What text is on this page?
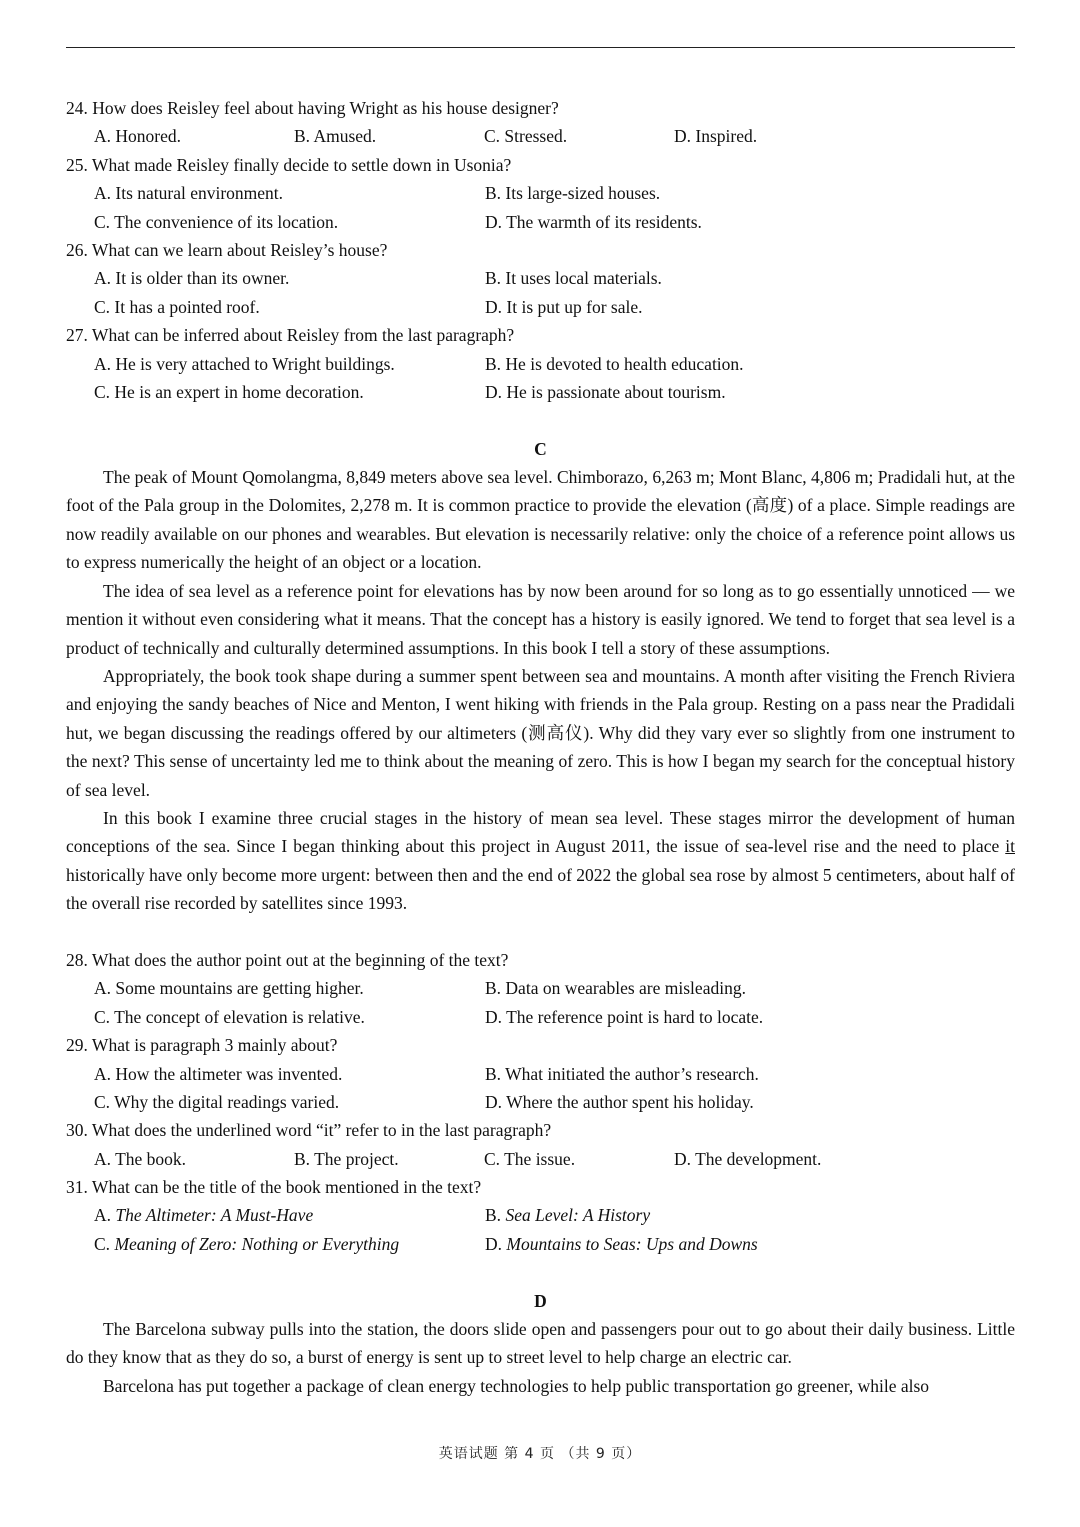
24. How does Reisley feel about having Wright as his house designer?
A. Honored.	B. Amused.	C. Stressed.	D. Inspired.
25. What made Reisley finally decide to settle down in Usonia?
A. Its natural environment.	B. Its large-sized houses.
C. The convenience of its location.	D. The warmth of its residents.
26. What can we learn about Reisley’s house?
A. It is older than its owner.	B. It uses local materials.
C. It has a pointed roof.	D. It is put up for sale.
27. What can be inferred about Reisley from the last paragraph?
A. He is very attached to Wright buildings.	B. He is devoted to health education.
C. He is an expert in home decoration.	D. He is passionate about tourism.
C

The peak of Mount Qomolangma, 8,849 meters above sea level. Chimborazo, 6,263 m; Mont Blanc, 4,806 m; Pradidali hut, at the foot of the Pala group in the Dolomites, 2,278 m. It is common practice to provide the elevation (高度) of a place. Simple readings are now readily available on our phones and wearables. But elevation is necessarily relative: only the choice of a reference point allows us to express numerically the height of an object or a location.

The idea of sea level as a reference point for elevations has by now been around for so long as to go essentially unnoticed — we mention it without even considering what it means. That the concept has a history is easily ignored. We tend to forget that sea level is a product of technically and culturally determined assumptions. In this book I tell a story of these assumptions.

Appropriately, the book took shape during a summer spent between sea and mountains. A month after visiting the French Riviera and enjoying the sandy beaches of Nice and Menton, I went hiking with friends in the Pala group. Resting on a pass near the Pradidali hut, we began discussing the readings offered by our altimeters (测高仪). Why did they vary ever so slightly from one instrument to the next? This sense of uncertainty led me to think about the meaning of zero. This is how I began my search for the conceptual history of sea level.

In this book I examine three crucial stages in the history of mean sea level. These stages mirror the development of human conceptions of the sea. Since I began thinking about this project in August 2011, the issue of sea-level rise and the need to place it historically have only become more urgent: between then and the end of 2022 the global sea rose by almost 5 centimeters, about half of the overall rise recorded by satellites since 1993.

28. What does the author point out at the beginning of the text?
A. Some mountains are getting higher.	B. Data on wearables are misleading.
C. The concept of elevation is relative.	D. The reference point is hard to locate.
29. What is paragraph 3 mainly about?
A. How the altimeter was invented.	B. What initiated the author’s research.
C. Why the digital readings varied.	D. Where the author spent his holiday.
30. What does the underlined word “it” refer to in the last paragraph?
A. The book.	B. The project.	C. The issue.	D. The development.
31. What can be the title of the book mentioned in the text?
A. The Altimeter: A Must-Have	B. Sea Level: A History
C. Meaning of Zero: Nothing or Everything	D. Mountains to Seas: Ups and Downs
D

The Barcelona subway pulls into the station, the doors slide open and passengers pour out to go about their daily business. Little do they know that as they do so, a burst of energy is sent up to street level to help charge an electric car.

Barcelona has put together a package of clean energy technologies to help public transportation go greener, while also

英语试题 第 4 页 （共 9 页）
